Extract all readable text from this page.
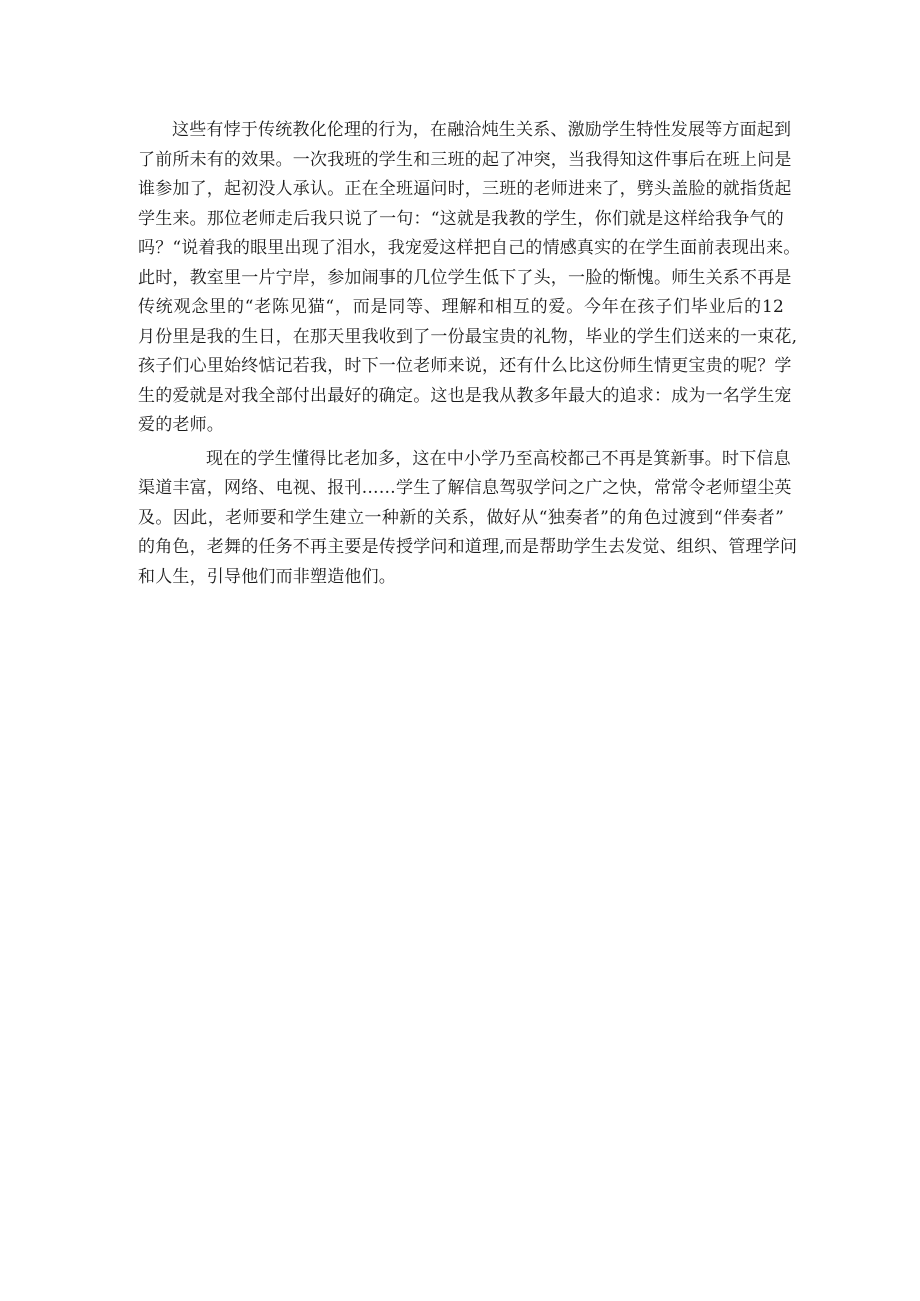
这些有悖于传统教化伦理的行为，在融洽炖生关系、激励学生特性发展等方面起到
了前所未有的效果。一次我班的学生和三班的起了冲突，当我得知这件事后在班上问是
谁参加了，起初没人承认。正在全班逼问时，三班的老师进来了，劈头盖脸的就指货起
学生来。那位老师走后我只说了一句：“这就是我教的学生，你们就是这样给我争气的
吗？“说着我的眼里出现了泪水，我宠爱这样把自己的情感真实的在学生面前表现出来。
此时，教室里一片宁岸，参加闹事的几位学生低下了头，一脸的惭愧。师生关系不再是
传统观念里的“老陈见猫“，而是同等、理解和相互的爱。今年在孩子们毕业后的12
月份里是我的生日，在那天里我收到了一份最宝贵的礼物，毕业的学生们送来的一束花,
孩子们心里始终惦记若我，时下一位老师来说，还有什么比这份师生情更宝贵的呢？学
生的爱就是对我全部付出最好的确定。这也是我从教多年最大的追求：成为一名学生宠
爱的老师。
现在的学生懂得比老加多，这在中小学乃至高校都己不再是箕新事。时下信息
渠道丰富，网络、电视、报刊……学生了解信息驾驭学问之广之快，常常令老师望尘英
及。因此，老师要和学生建立一种新的关系，做好从“独奏者”的角色过渡到“伴奏者”
的角色，老舞的任务不再主要是传授学问和道理,而是帮助学生去发觉、组织、管理学问
和人生，引导他们而非塑造他们。
